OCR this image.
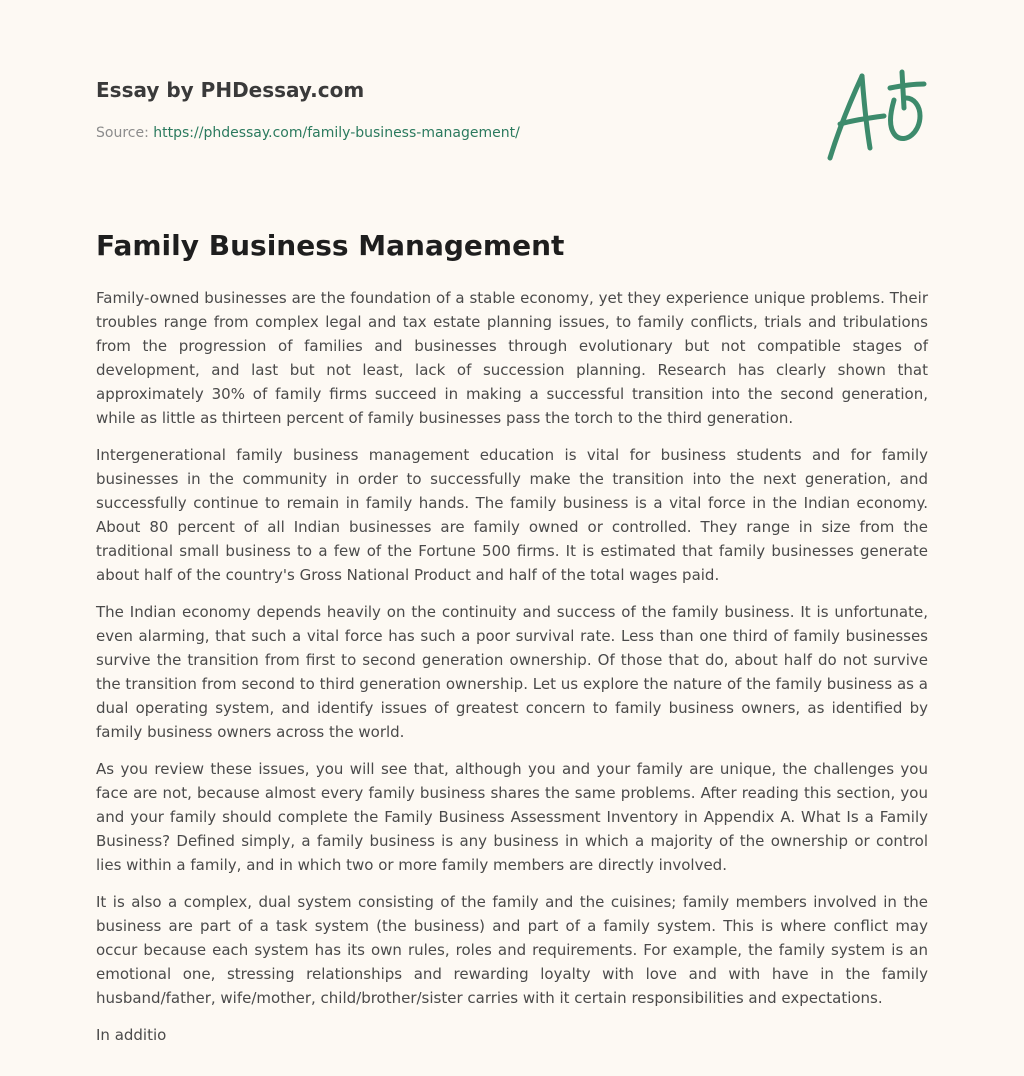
Essay by PHDessay.com
Source: https://phdessay.com/family-business-management/
Family Business Management

Family-owned businesses are the foundation of a stable economy, yet they experience unique problems. Their troubles range from complex legal and tax estate planning issues, to family conflicts, trials and tribulations from the progression of families and businesses through evolutionary but not compatible stages of development, and last but not least, lack of succession planning. Research has clearly shown that approximately 30% of family firms succeed in making a successful transition into the second generation, while as little as thirteen percent of family businesses pass the torch to the third generation.

Intergenerational family business management education is vital for business students and for family businesses in the community in order to successfully make the transition into the next generation, and successfully continue to remain in family hands. The family business is a vital force in the Indian economy. About 80 percent of all Indian businesses are family owned or controlled. They range in size from the traditional small business to a few of the Fortune 500 firms. It is estimated that family businesses generate about half of the country's Gross National Product and half of the total wages paid.

The Indian economy depends heavily on the continuity and success of the family business. It is unfortunate, even alarming, that such a vital force has such a poor survival rate. Less than one third of family businesses survive the transition from first to second generation ownership. Of those that do, about half do not survive the transition from second to third generation ownership. Let us explore the nature of the family business as a dual operating system, and identify issues of greatest concern to family business owners, as identified by family business owners across the world.

As you review these issues, you will see that, although you and your family are unique, the challenges you face are not, because almost every family business shares the same problems. After reading this section, you and your family should complete the Family Business Assessment Inventory in Appendix A. What Is a Family Business? Defined simply, a family business is any business in which a majority of the ownership or control lies within a family, and in which two or more family members are directly involved.

It is also a complex, dual system consisting of the family and the cuisines; family members involved in the business are part of a task system (the business) and part of a family system. This is where conflict may occur because each system has its own rules, roles and requirements. For example, the family system is an emotional one, stressing relationships and rewarding loyalty with love and with have in the family husband/father, wife/mother, child/brother/sister carries with it certain responsibilities and expectations.

In additio
